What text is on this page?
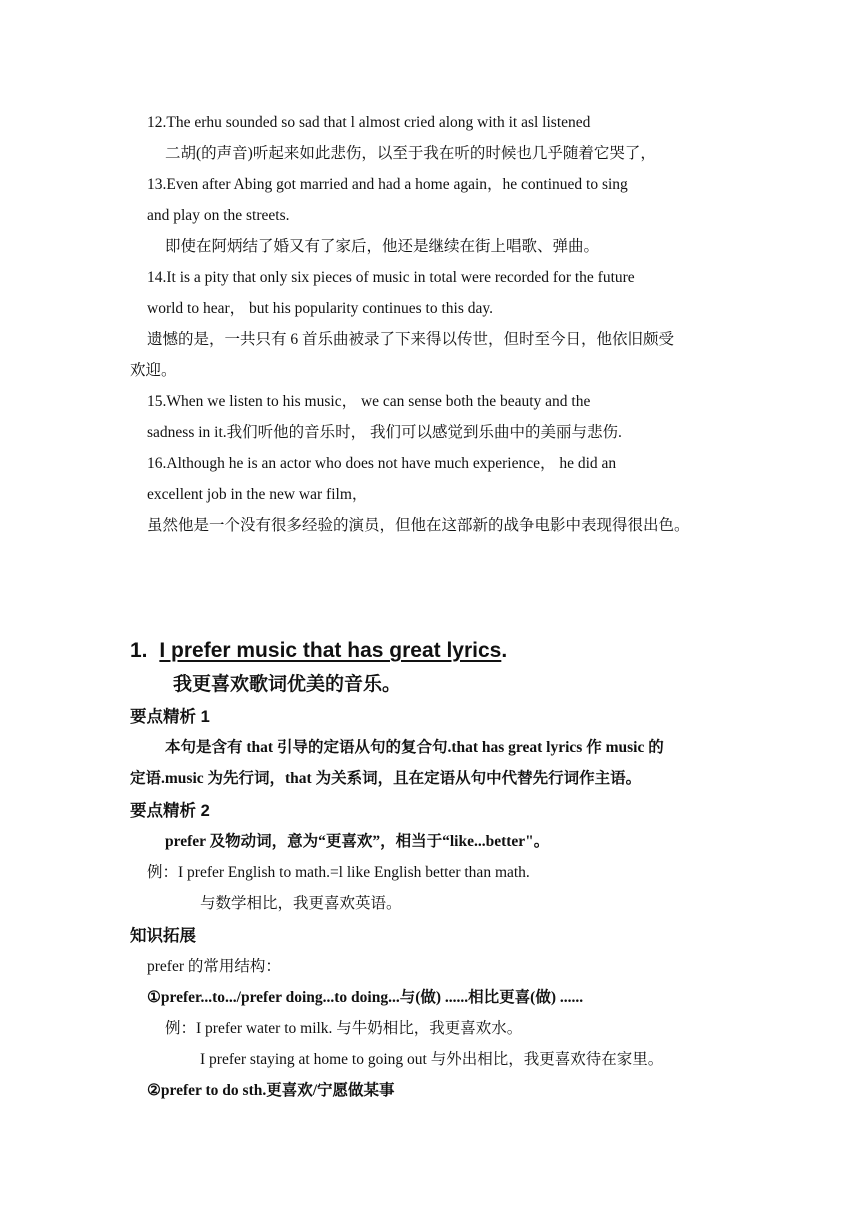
12.The erhu sounded so sad that l almost cried along with it asl listened
二胡(的声音)听起来如此悲伤，以至于我在听的时候也几乎随着它哭了，
13.Even after Abing got married and had a home again，he continued to sing
and play on the streets.
即使在阿炳结了婚又有了家后，他还是继续在街上唱歌、弹曲。
14.It is a pity that only six pieces of music in total were recorded for the future
world to hear， but his popularity continues to this day.
遗憾的是，一共只有 6 首乐曲被录了下来得以传世，但时至今日，他依旧颇受
欢迎。
15.When we listen to his music， we can sense both the beauty and the
sadness in it.我们听他的音乐时， 我们可以感觉到乐曲中的美丽与悲伤.
16.Although he is an actor who does not have much experience， he did an
excellent job in the new war film，
虽然他是一个没有很多经验的演员，但他在这部新的战争电影中表现得很出色。
1. I prefer music that has great lyrics.
我更喜欢歌词优美的音乐。
要点精析 1
本句是含有 that 引导的定语从句的复合句.that has great lyrics 作 music 的
定语.music 为先行词，that 为关系词，且在定语从句中代替先行词作主语。
要点精析 2
prefer 及物动词，意为“更喜欢”，相当于“like...better"。
例：I prefer English to math.=l like English better than math.
与数学相比，我更喜欢英语。
知识拓展
prefer 的常用结构：
①prefer...to.../prefer doing...to doing...与(做) ......相比更喜(做) ......
例：I prefer water to milk. 与牛奶相比，我更喜欢水。
I prefer staying at home to going out 与外出相比，我更喜欢待在家里。
②prefer to do sth.更喜欢/宁愿做某事
